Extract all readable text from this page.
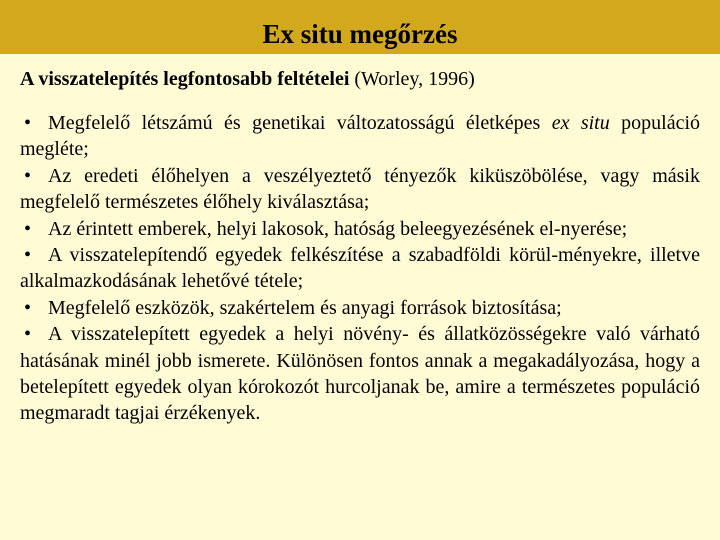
Ex situ megőrzés
A visszatelepítés legfontosabb feltételei (Worley, 1996)

• Megfelelő létszámú és genetikai változatosságú életképes ex situ populáció megléte;

• Az eredeti élőhelyen a veszélyeztető tényezők kiküszöbölése, vagy másik megfelelő természetes élőhely kiválasztása;

• Az érintett emberek, helyi lakosok, hatóság beleegyezésének el-nyerése;

• A visszatelepítendő egyedek felkészítése a szabadföldi körül-ményekre, illetve alkalmazkodásának lehetővé tétele;

• Megfelelő eszközök, szakértelem és anyagi források biztosítása;

• A visszatelepített egyedek a helyi növény- és állatközösségekre való várható hatásának minél jobb ismerete. Különösen fontos annak a megakadályozása, hogy a betelepített egyedek olyan kórokozót hurcoljanak be, amire a természetes populáció megmaradt tagjai érzékenyek.
